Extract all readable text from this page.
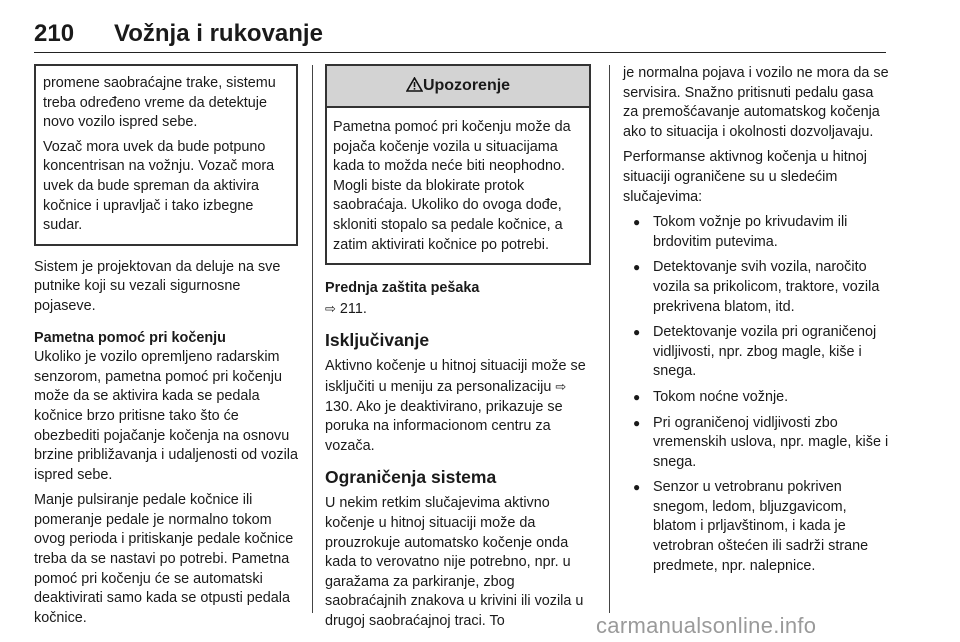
210 Vožnja i rukovanje

promene saobraćajne trake, sistemu treba određeno vreme da detektuje novo vozilo ispred sebe.

Vozač mora uvek da bude potpuno koncentrisan na vožnju. Vozač mora uvek da bude spreman da aktivira kočnice i upravljač i tako izbegne sudar.

Sistem je projektovan da deluje na sve putnike koji su vezali sigurnosne pojaseve.

Pametna pomoć pri kočenju

Ukoliko je vozilo opremljeno radarskim senzorom, pametna pomoć pri kočenju može da se aktivira kada se pedala kočnice brzo pritisne tako što će obezbediti pojačanje kočenja na osnovu brzine približavanja i udaljenosti od vozila ispred sebe.

Manje pulsiranje pedale kočnice ili pomeranje pedale je normalno tokom ovog perioda i pritiskanje pedale kočnice treba da se nastavi po potrebi. Pametna pomoć pri kočenju će se automatski deaktivirati samo kada se otpusti pedala kočnice.

Upozorenje

Pametna pomoć pri kočenju može da pojača kočenje vozila u situacijama kada to možda neće biti neophodno. Mogli biste da blokirate protok saobraćaja. Ukoliko do ovoga dođe, skloniti stopalo sa pedale kočnice, a zatim aktivirati kočnice po potrebi.

Prednja zaštita pešaka

⇨ 211.

Isključivanje

Aktivno kočenje u hitnoj situaciji može se isključiti u meniju za personalizaciju ⇨ 130. Ako je deaktivirano, prikazuje se poruka na informacionom centru za vozača.

Ograničenja sistema

U nekim retkim slučajevima aktivno kočenje u hitnoj situaciji može da prouzrokuje automatsko kočenje onda kada to verovatno nije potrebno, npr. u garažama za parkiranje, zbog saobraćajnih znakova u krivini ili vozila u drugoj saobraćajnoj traci. To

je normalna pojava i vozilo ne mora da se servisira. Snažno pritisnuti pedalu gasa za premošćavanje automatskog kočenja ako to situacija i okolnosti dozvoljavaju.

Performanse aktivnog kočenja u hitnoj situaciji ograničene su u sledećim slučajevima:

● Tokom vožnje po krivudavim ili brdovitim putevima.
● Detektovanje svih vozila, naročito vozila sa prikolicom, traktore, vozila prekrivena blatom, itd.
● Detektovanje vozila pri ograničenoj vidljivosti, npr. zbog magle, kiše i snega.
● Tokom noćne vožnje.
● Pri ograničenoj vidljivosti zbo vremenskih uslova, npr. magle, kiše i snega.
● Senzor u vetrobranu pokriven snegom, ledom, bljuzgavicom, blatom i prljavštinom, i kada je vetrobran oštećen ili sadrži strane predmete, npr. nalepnice.
carmanualsonline.info
